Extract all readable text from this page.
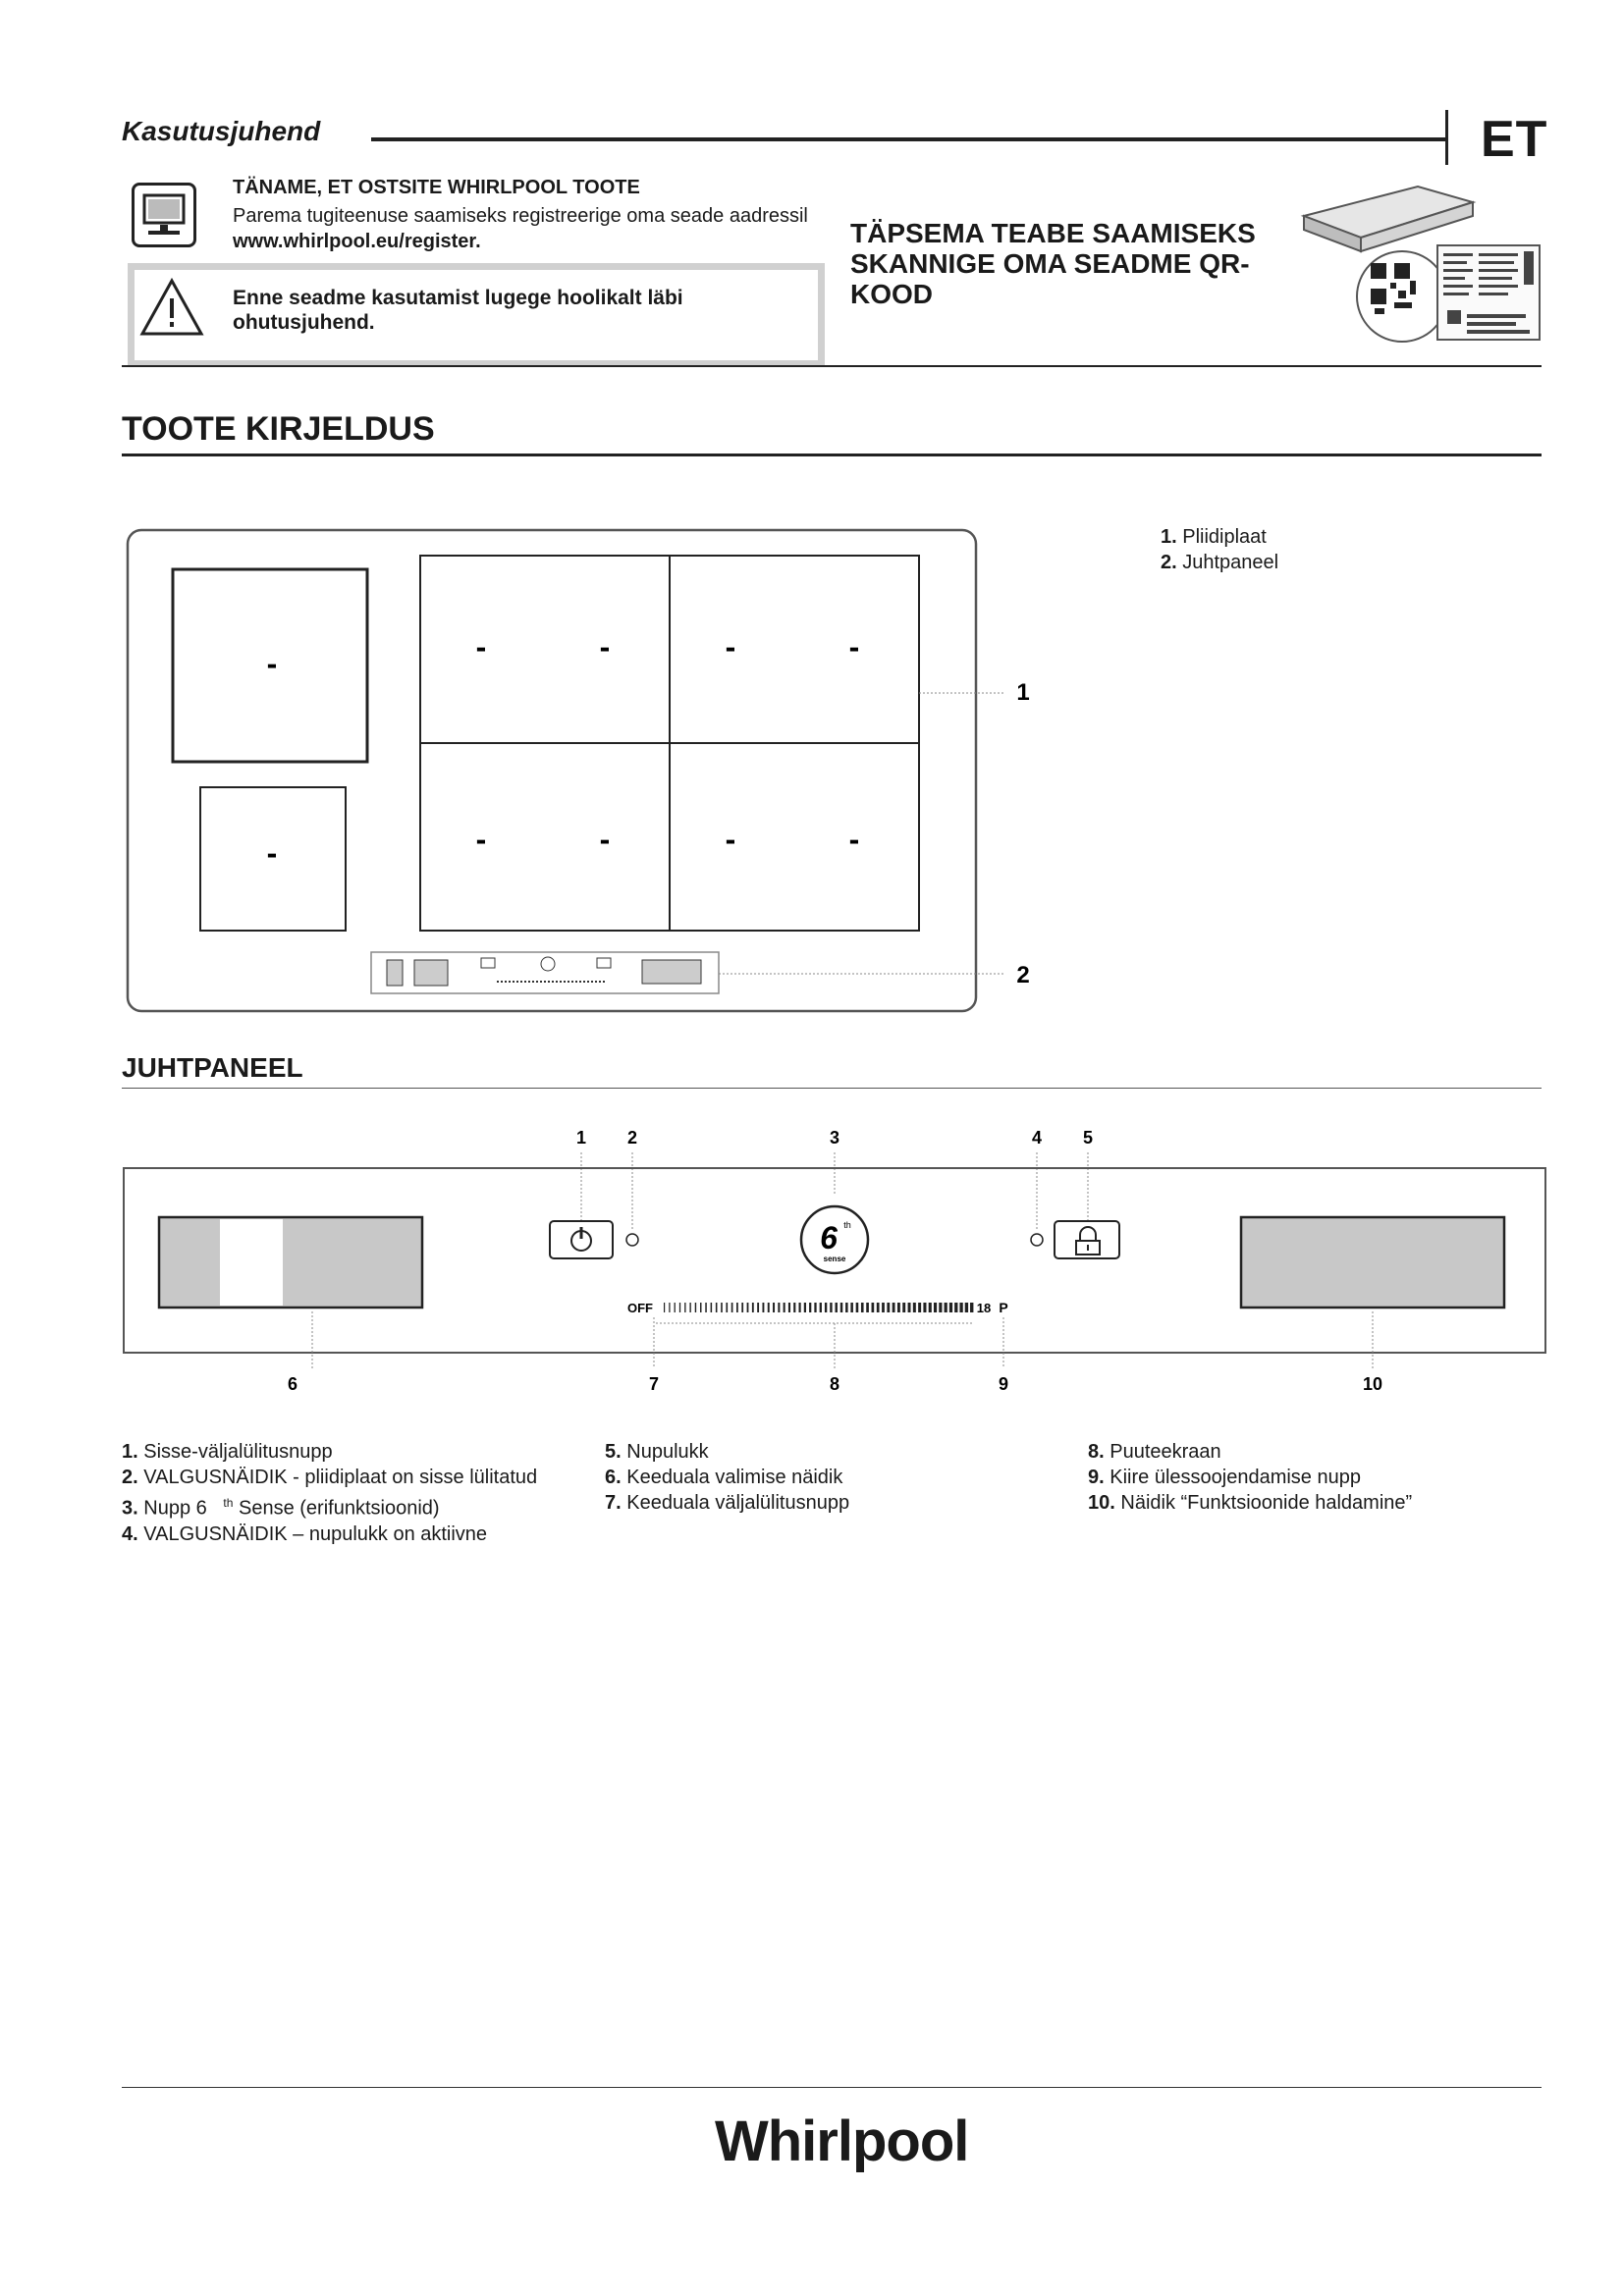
Kasutusjuhend	ET
TÄNAME, ET OSTSITE WHIRLPOOL TOOTE
Parema tugiteenuse saamiseks registreerige oma seade aadressil
www.whirlpool.eu/register.
Enne seadme kasutamist lugege hoolikalt läbi
ohutusjuhend.
TÄPSEMA TEABE SAAMISEKS
SKANNIGE OMA SEADME QR-
KOOD
TOOTE KIRJELDUS
-
-
-	-	-	-
-	-	-	-
1
2
1. Pliidiplaat
2. Juhtpaneel
JUHTPANEEL
1 2	3	4 5
6 th
sense
OFF	18 P
6	7	8	9	10
1. Sisse-väljalülitusnupp
2. VALGUSNÄIDIK - pliidiplaat on sisse lülitatud
3. Nupp 6 $^{th}$ Sense (erifunktsioonid)
4. VALGUSNÄIDIK – nupulukk on aktiivne
5. Nupulukk
6. Keeduala valimise näidik
7. Keeduala väljalülitusnupp
8. Puuteekraan
9. Kiire ülessoojendamise nupp
10. Näidik “Funktsioonide haldamine”
Whirlpool
